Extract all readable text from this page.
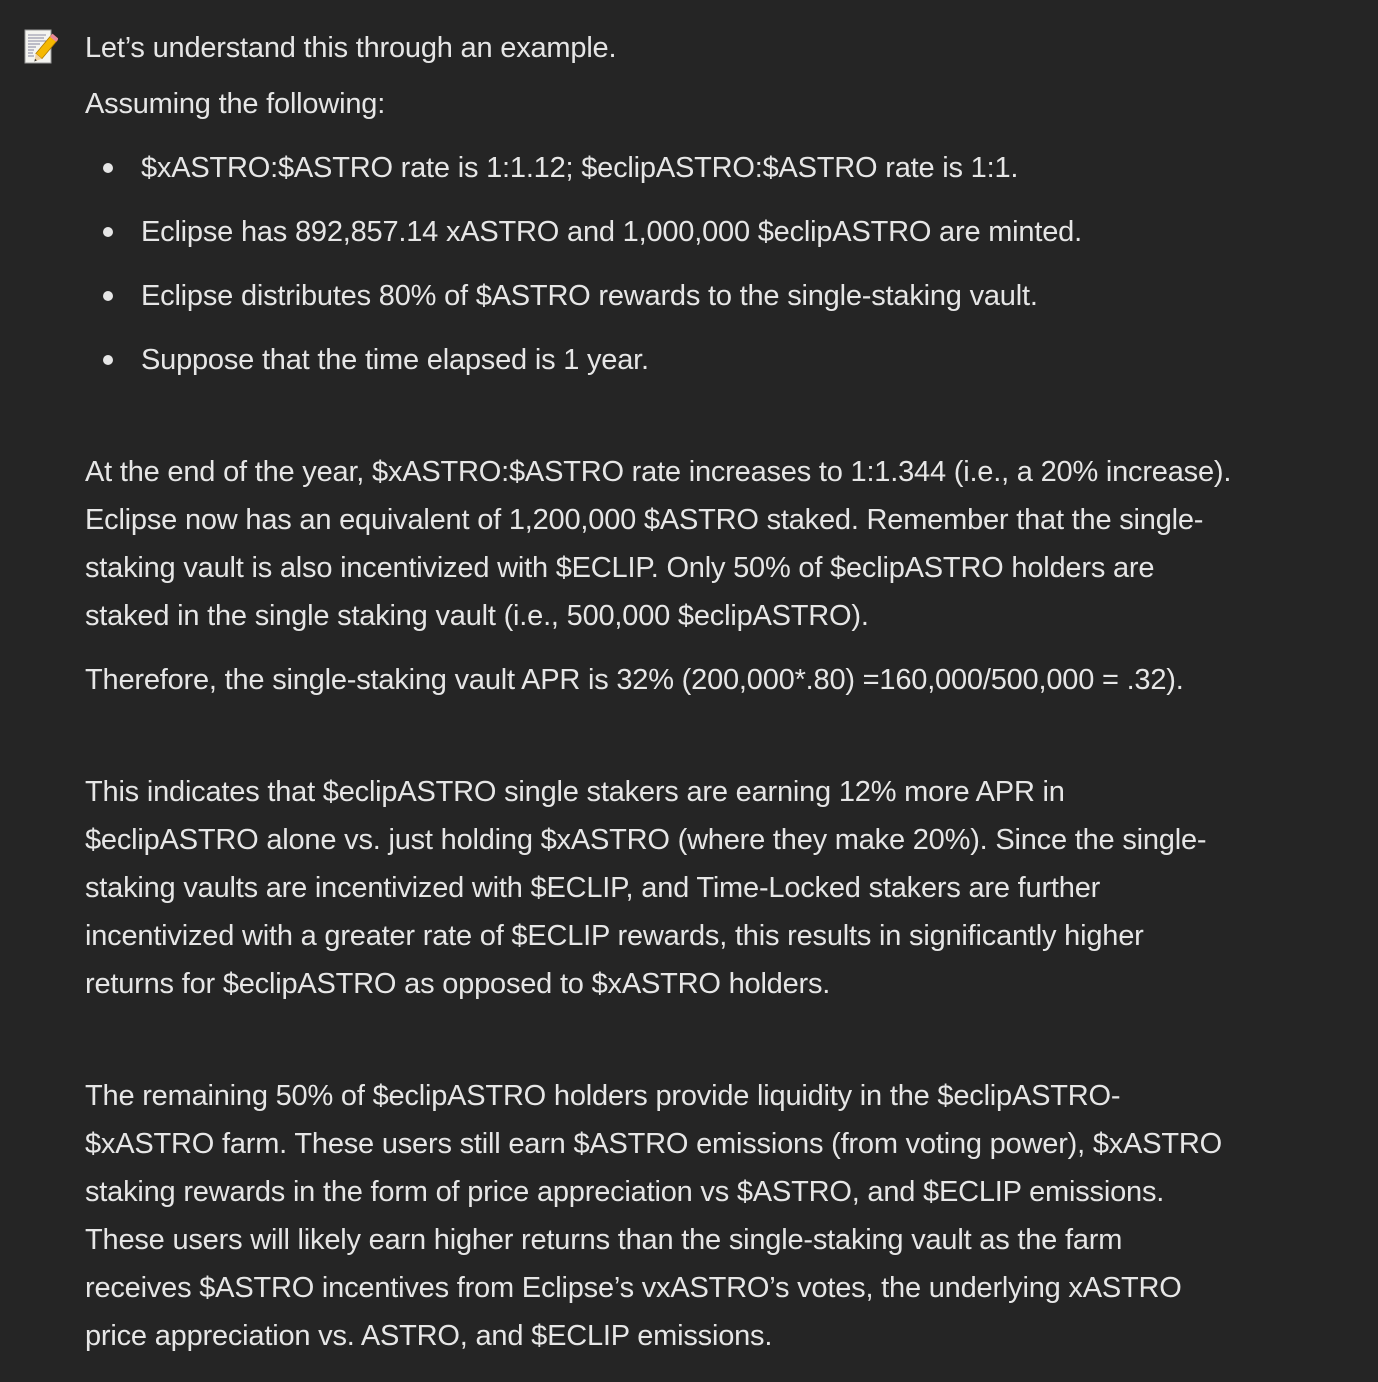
Let’s understand this through an example.
Assuming the following:
$xASTRO:$ASTRO rate is 1:1.12; $eclipASTRO:$ASTRO rate is 1:1.
Eclipse has 892,857.14 xASTRO and 1,000,000 $eclipASTRO are minted.
Eclipse distributes 80% of $ASTRO rewards to the single-staking vault.
Suppose that the time elapsed is 1 year.
At the end of the year, $xASTRO:$ASTRO rate increases to 1:1.344 (i.e., a 20% increase).
Eclipse now has an equivalent of 1,200,000 $ASTRO staked. Remember that the single-
staking vault is also incentivized with $ECLIP. Only 50% of $eclipASTRO holders are
staked in the single staking vault (i.e., 500,000 $eclipASTRO).
Therefore, the single-staking vault APR is 32% (200,000*.80) =160,000/500,000 = .32).
This indicates that $eclipASTRO single stakers are earning 12% more APR in
$eclipASTRO alone vs. just holding $xASTRO (where they make 20%). Since the single-
staking vaults are incentivized with $ECLIP, and Time-Locked stakers are further
incentivized with a greater rate of $ECLIP rewards, this results in significantly higher
returns for $eclipASTRO as opposed to $xASTRO holders.
The remaining 50% of $eclipASTRO holders provide liquidity in the $eclipASTRO-
$xASTRO farm. These users still earn $ASTRO emissions (from voting power), $xASTRO
staking rewards in the form of price appreciation vs $ASTRO, and $ECLIP emissions.
These users will likely earn higher returns than the single-staking vault as the farm
receives $ASTRO incentives from Eclipse’s vxASTRO’s votes, the underlying xASTRO
price appreciation vs. ASTRO, and $ECLIP emissions.
